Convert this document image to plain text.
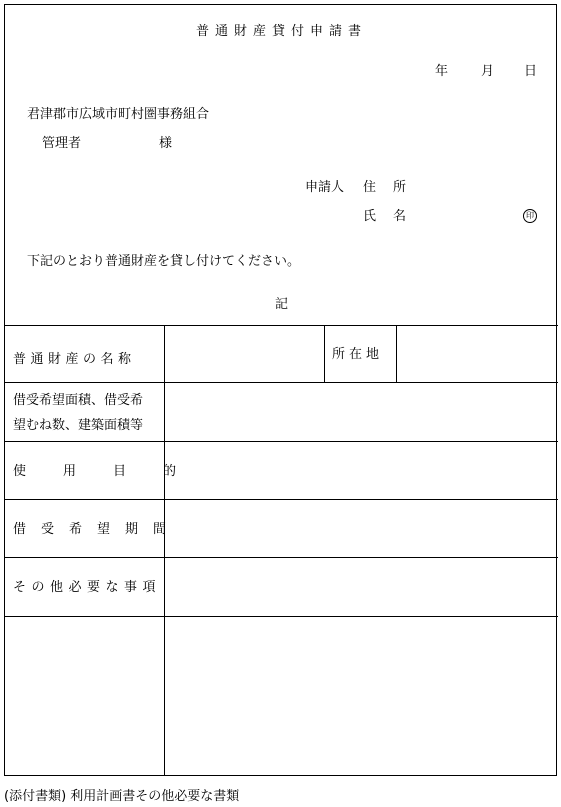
普通財産貸付申請書
年	月 日
君津郡市広域市町村圏事務組合
管理者	様
申請人 住 所
氏 名	印
下記のとおり普通財産を貸し付けてください。
記
普通財産の名称	所在地
借受希望面積、借受希
望むね数、建築面積等
使用目的
借受希望期間
その他必要な事項
(添付書類) 利用計画書その他必要な書類
